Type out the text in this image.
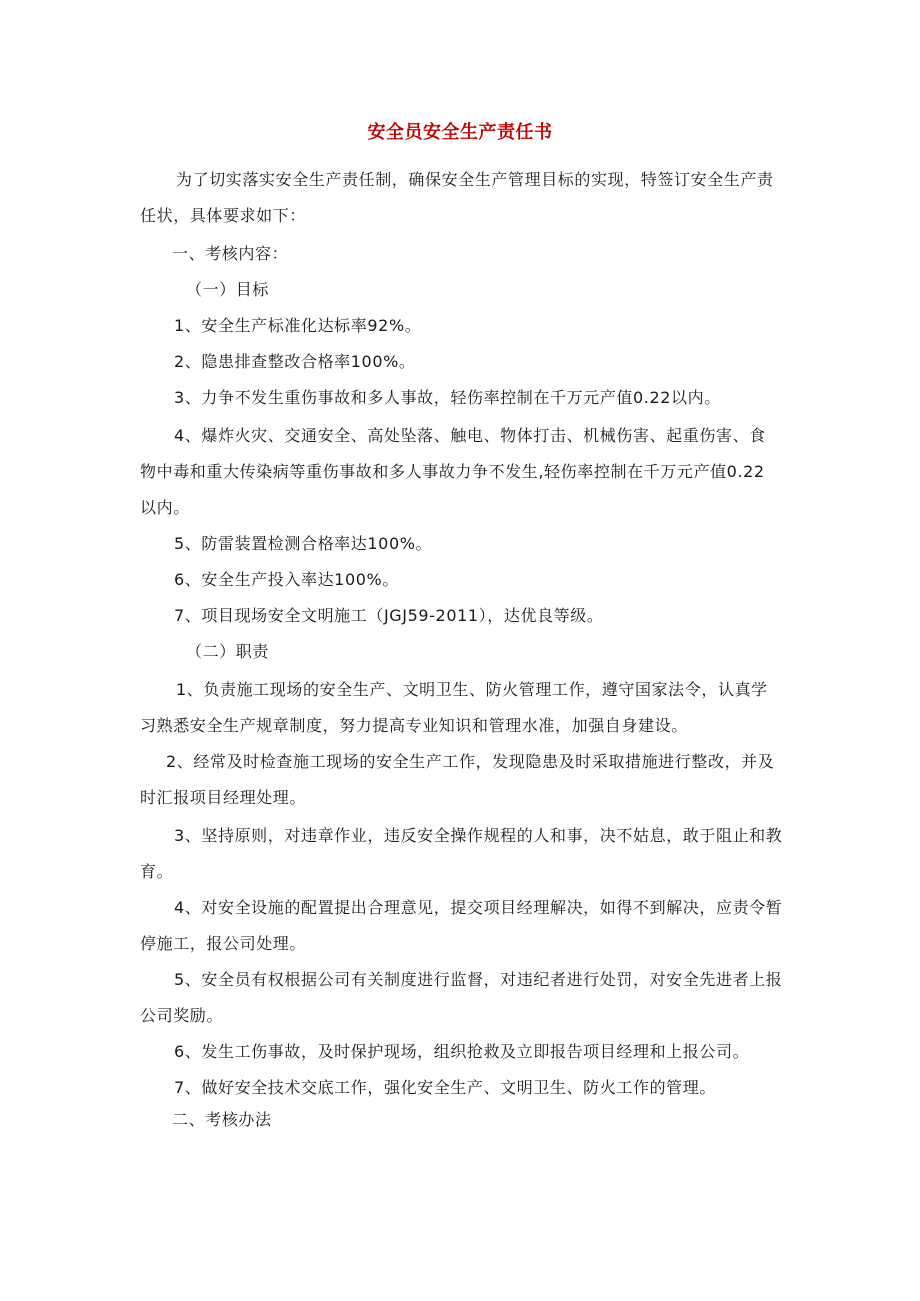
安全员安全生产责任书
为了切实落实安全生产责任制，确保安全生产管理目标的实现，特签订安全生产责
任状，具体要求如下：
一、考核内容：
（一）目标
1、安全生产标准化达标率92%。
2、隐患排查整改合格率100%。
3、力争不发生重伤事故和多人事故，轻伤率控制在千万元产值0.22以内。
4、爆炸火灾、交通安全、高处坠落、触电、物体打击、机械伤害、起重伤害、食
物中毒和重大传染病等重伤事故和多人事故力争不发生,轻伤率控制在千万元产值0.22
以内。
5、防雷装置检测合格率达100%。
6、安全生产投入率达100%。
7、项目现场安全文明施工（JGJ59-2011），达优良等级。
（二）职责
1、负责施工现场的安全生产、文明卫生、防火管理工作，遵守国家法令，认真学
习熟悉安全生产规章制度，努力提高专业知识和管理水准，加强自身建设。
2、经常及时检查施工现场的安全生产工作，发现隐患及时采取措施进行整改，并及
时汇报项目经理处理。
3、坚持原则，对违章作业，违反安全操作规程的人和事，决不姑息，敢于阻止和教
育。
4、对安全设施的配置提出合理意见，提交项目经理解决，如得不到解决，应责令暂
停施工，报公司处理。
5、安全员有权根据公司有关制度进行监督，对违纪者进行处罚，对安全先进者上报
公司奖励。
6、发生工伤事故，及时保护现场，组织抢救及立即报告项目经理和上报公司。
7、做好安全技术交底工作，强化安全生产、文明卫生、防火工作的管理。
二、考核办法
